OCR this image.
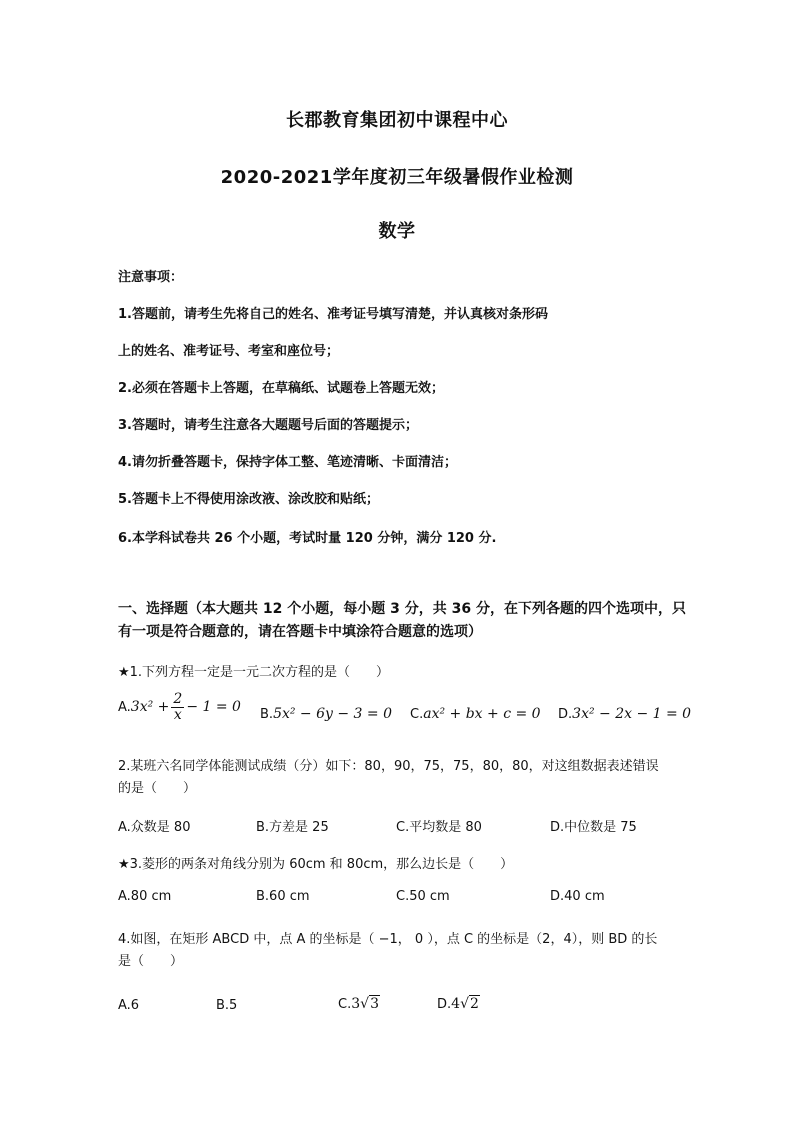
长郡教育集团初中课程中心
2020-2021学年度初三年级暑假作业检测
数学
注意事项：
1.答题前，请考生先将自己的姓名、准考证号填写清楚，并认真核对条形码
上的姓名、准考证号、考室和座位号；
2.必须在答题卡上答题，在草稿纸、试题卷上答题无效；
3.答题时，请考生注意各大题题号后面的答题提示；
4.请勿折叠答题卡，保持字体工整、笔迹清晰、卡面清洁；
5.答题卡上不得使用涂改液、涂改胶和贴纸；
6.本学科试卷共 26 个小题，考试时量 120 分钟，满分 120 分.
一、选择题（本大题共 12 个小题，每小题 3 分，共 36 分，在下列各题的四个选项中，只
有一项是符合题意的，请在答题卡中填涂符合题意的选项）
★1.下列方程一定是一元二次方程的是（　　）
$A.3x^2 + \frac{2}{x} - 1 = 0$ B.5x² − 6y − 3 = 0 C.ax² + bx + c = 0 D.3x² − 2x − 1 = 0
2.某班六名同学体能测试成绩（分）如下：80，90，75，75，80，80，对这组数据表述错误
的是（　　）
A.众数是 80	B.方差是 25	C.平均数是 80	D.中位数是 75
★3.菱形的两条对角线分别为 60cm 和 80cm，那么边长是（　　）
A.80 cm	B.60 cm	C.50 cm	D.40 cm
4.如图，在矩形 ABCD 中，点 A 的坐标是（ −1， 0 ），点 C 的坐标是（2，4），则 BD 的长
是（　　）
A.6	B.5	C.3√3	D.4√2
